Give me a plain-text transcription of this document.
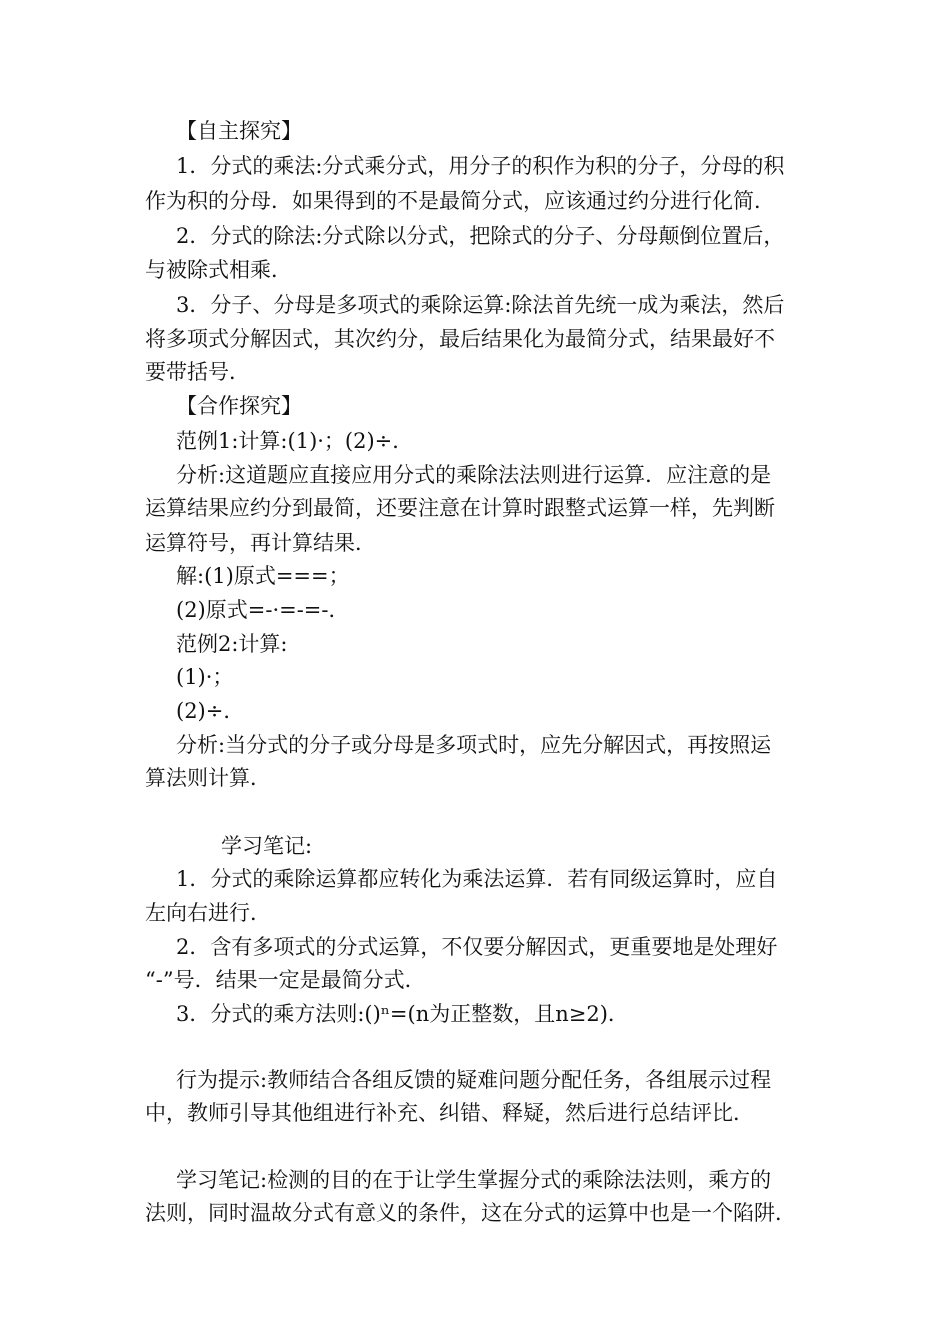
【自主探究】
1．分式的乘法:分式乘分式，用分子的积作为积的分子，分母的积
作为积的分母．如果得到的不是最简分式，应该通过约分进行化简．
2．分式的除法:分式除以分式，把除式的分子、分母颠倒位置后，
与被除式相乘．
3．分子、分母是多项式的乘除运算:除法首先统一成为乘法，然后
将多项式分解因式，其次约分，最后结果化为最简分式，结果最好不
要带括号．
【合作探究】
范例1:计算:(1)·；(2)÷．
分析:这道题应直接应用分式的乘除法法则进行运算．应注意的是
运算结果应约分到最简，还要注意在计算时跟整式运算一样，先判断
运算符号，再计算结果．
解:(1)原式===；
(2)原式=-·=-=-．
范例2:计算:
(1)·；
(2)÷．
分析:当分式的分子或分母是多项式时，应先分解因式，再按照运
算法则计算．
学习笔记:
1．分式的乘除运算都应转化为乘法运算．若有同级运算时，应自
左向右进行．
2．含有多项式的分式运算，不仅要分解因式，更重要地是处理好
“-”号．结果一定是最简分式．
3．分式的乘方法则:()ⁿ=(n为正整数，且n≥2)．
行为提示:教师结合各组反馈的疑难问题分配任务，各组展示过程
中，教师引导其他组进行补充、纠错、释疑，然后进行总结评比．
学习笔记:检测的目的在于让学生掌握分式的乘除法法则，乘方的
法则，同时温故分式有意义的条件，这在分式的运算中也是一个陷阱．
